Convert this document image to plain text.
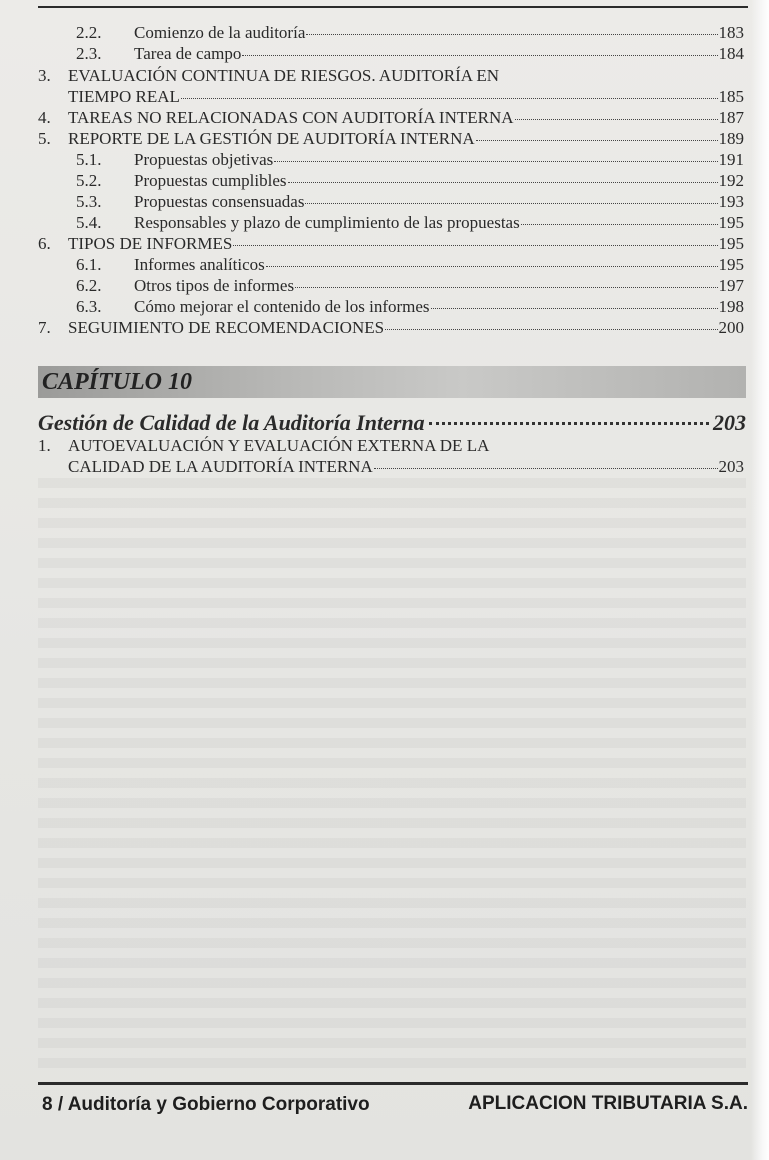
2.2.	Comienzo de la auditoría	183
2.3.	Tarea de campo	184
3.	EVALUACIÓN CONTINUA DE RIESGOS. AUDITORÍA EN
TIEMPO REAL	185
4.	TAREAS NO RELACIONADAS CON AUDITORÍA INTERNA	187
5.	REPORTE DE LA GESTIÓN DE AUDITORÍA INTERNA	189
5.1.	Propuestas objetivas	191
5.2.	Propuestas cumplibles	192
5.3.	Propuestas consensuadas	193
5.4.	Responsables y plazo de cumplimiento de las propuestas	195
6.	TIPOS DE INFORMES	195
6.1.	Informes analíticos	195
6.2.	Otros tipos de informes	197
6.3.	Cómo mejorar el contenido de los informes	198
7.	SEGUIMIENTO DE RECOMENDACIONES	200
CAPÍTULO 10
Gestión de Calidad de la Auditoría Interna	203
1.	AUTOEVALUACIÓN Y EVALUACIÓN EXTERNA DE LA
CALIDAD DE LA AUDITORÍA INTERNA	203
8 / Auditoría y Gobierno Corporativo	APLICACION TRIBUTARIA S.A.
